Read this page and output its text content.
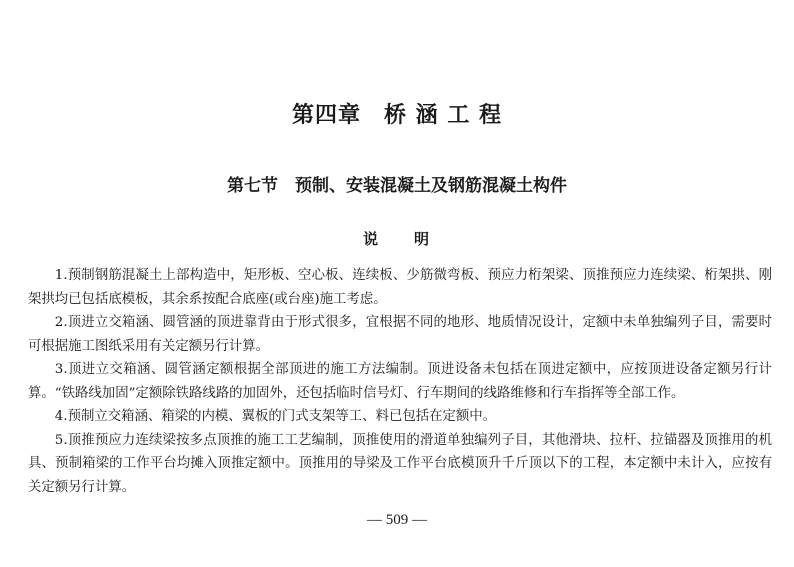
第四章　桥 涵 工 程
第七节　预制、安装混凝土及钢筋混凝土构件
说　　明

1.预制钢筋混凝土上部构造中，矩形板、空心板、连续板、少筋微弯板、预应力桁架梁、顶推预应力连续梁、桁架拱、刚架拱均已包括底模板，其余系按配合底座(或台座)施工考虑。

2.顶进立交箱涵、圆管涵的顶进靠背由于形式很多，宜根据不同的地形、地质情况设计，定额中未单独编列子目，需要时可根据施工图纸采用有关定额另行计算。

3.顶进立交箱涵、圆管涵定额根据全部顶进的施工方法编制。顶进设备未包括在顶进定额中，应按顶进设备定额另行计算。“铁路线加固”定额除铁路线路的加固外，还包括临时信号灯、行车期间的线路维修和行车指挥等全部工作。

4.预制立交箱涵、箱梁的内模、翼板的门式支架等工、料已包括在定额中。

5.顶推预应力连续梁按多点顶推的施工工艺编制，顶推使用的滑道单独编列子目，其他滑块、拉杆、拉锚器及顶推用的机具、预制箱梁的工作平台均摊入顶推定额中。顶推用的导梁及工作平台底模顶升千斤顶以下的工程，本定额中未计入，应按有关定额另行计算。

— 509 —
